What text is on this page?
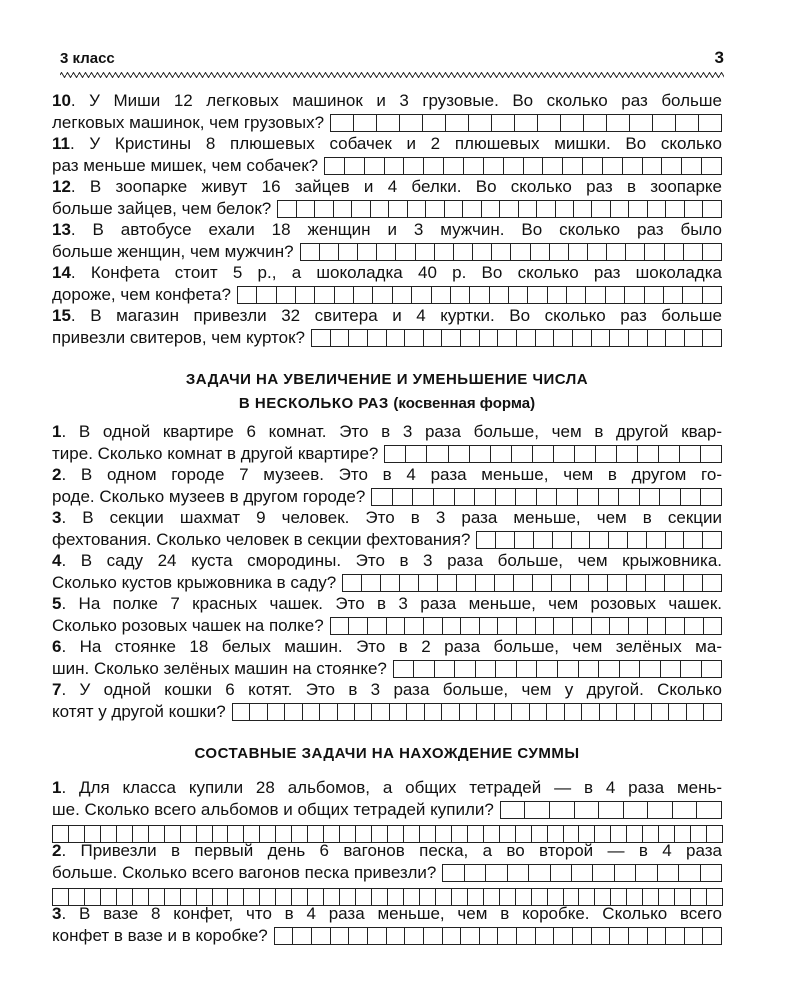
3 класс	3
10. У Миши 12 легковых машинок и 3 грузовые. Во сколько раз больше
легковых машинок, чем грузовых?
11. У Кристины 8 плюшевых собачек и 2 плюшевых мишки. Во сколько
раз меньше мишек, чем собачек?
12. В зоопарке живут 16 зайцев и 4 белки. Во сколько раз в зоопарке
больше зайцев, чем белок?
13. В автобусе ехали 18 женщин и 3 мужчин. Во сколько раз было
больше женщин, чем мужчин?
14. Конфета стоит 5 р., а шоколадка 40 р. Во сколько раз шоколадка
дороже, чем конфета?
15. В магазин привезли 32 свитера и 4 куртки. Во сколько раз больше
привезли свитеров, чем курток?
ЗАДАЧИ НА УВЕЛИЧЕНИЕ И УМЕНЬШЕНИЕ ЧИСЛА
В НЕСКОЛЬКО РАЗ (косвенная форма)
1. В одной квартире 6 комнат. Это в 3 раза больше, чем в другой квар-
тире. Сколько комнат в другой квартире?
2. В одном городе 7 музеев. Это в 4 раза меньше, чем в другом го-
роде. Сколько музеев в другом городе?
3. В секции шахмат 9 человек. Это в 3 раза меньше, чем в секции
фехтования. Сколько человек в секции фехтования?
4. В саду 24 куста смородины. Это в 3 раза больше, чем крыжовника.
Сколько кустов крыжовника в саду?
5. На полке 7 красных чашек. Это в 3 раза меньше, чем розовых чашек.
Сколько розовых чашек на полке?
6. На стоянке 18 белых машин. Это в 2 раза больше, чем зелёных ма-
шин. Сколько зелёных машин на стоянке?
7. У одной кошки 6 котят. Это в 3 раза больше, чем у другой. Сколько
котят у другой кошки?
СОСТАВНЫЕ ЗАДАЧИ НА НАХОЖДЕНИЕ СУММЫ
1. Для класса купили 28 альбомов, а общих тетрадей — в 4 раза мень-
ше. Сколько всего альбомов и общих тетрадей купили?
2. Привезли в первый день 6 вагонов песка, а во второй — в 4 раза
больше. Сколько всего вагонов песка привезли?
3. В вазе 8 конфет, что в 4 раза меньше, чем в коробке. Сколько всего
конфет в вазе и в коробке?
